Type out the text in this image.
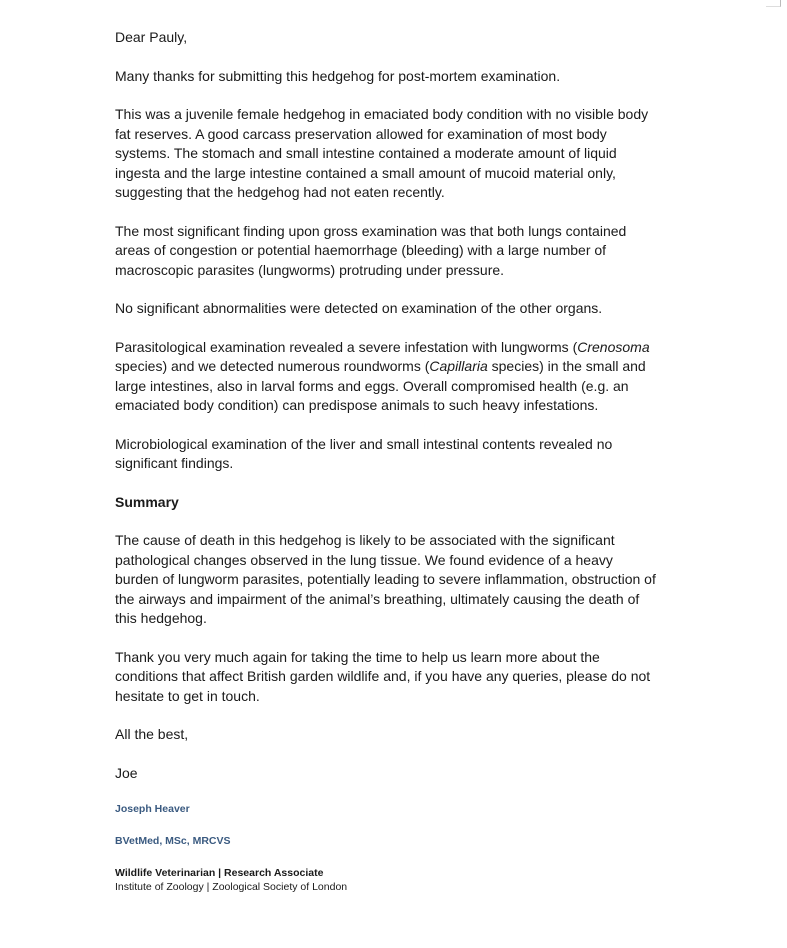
Dear Pauly,

Many thanks for submitting this hedgehog for post-mortem examination.

This was a juvenile female hedgehog in emaciated body condition with no visible body fat reserves. A good carcass preservation allowed for examination of most body systems. The stomach and small intestine contained a moderate amount of liquid ingesta and the large intestine contained a small amount of mucoid material only, suggesting that the hedgehog had not eaten recently.

The most significant finding upon gross examination was that both lungs contained areas of congestion or potential haemorrhage (bleeding) with a large number of macroscopic parasites (lungworms) protruding under pressure.

No significant abnormalities were detected on examination of the other organs.

Parasitological examination revealed a severe infestation with lungworms (Crenosoma species) and we detected numerous roundworms (Capillaria species) in the small and large intestines, also in larval forms and eggs. Overall compromised health (e.g. an emaciated body condition) can predispose animals to such heavy infestations.

Microbiological examination of the liver and small intestinal contents revealed no significant findings.

Summary

The cause of death in this hedgehog is likely to be associated with the significant pathological changes observed in the lung tissue. We found evidence of a heavy burden of lungworm parasites, potentially leading to severe inflammation, obstruction of the airways and impairment of the animal’s breathing, ultimately causing the death of this hedgehog.

Thank you very much again for taking the time to help us learn more about the conditions that affect British garden wildlife and, if you have any queries, please do not hesitate to get in touch.

All the best,

Joe

Joseph Heaver

BVetMed, MSc, MRCVS

Wildlife Veterinarian | Research Associate

Institute of Zoology | Zoological Society of London
